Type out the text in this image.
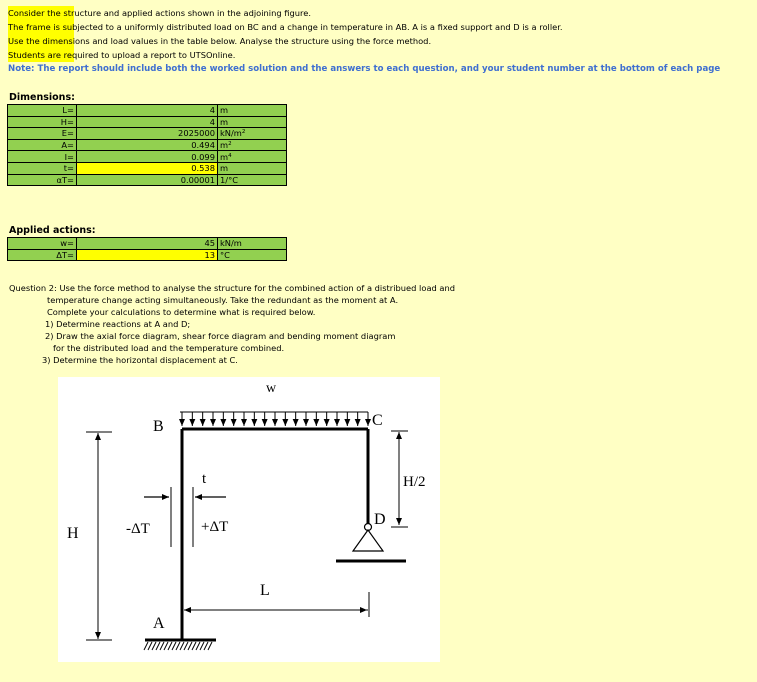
Consider the structure and applied actions shown in the adjoining figure.
The frame is subjected to a uniformly distributed load on BC and a change in temperature in AB. A is a fixed support and D is a roller.
Use the dimensions and load values in the table below. Analyse the structure using the force method.
Students are required to upload a report to UTSOnline.
Note: The report should include both the worked solution and the answers to each question, and your student number at the bottom of each page
Dimensions:
L=	4	m
H=	4	m
E=	2025000	$kN/m^2$
A=	0.494	$m^2$
I=	0.099	$m^4$
t=	0.538	m
αT=	0.00001	1/°C
Applied actions:
w=	45	kN/m
ΔT=	13	°C
Question 2: Use the force method to analyse the structure for the combined action of a distribued load and
temperature change acting simultaneously. Take the redundant as the moment at A.
Complete your calculations to determine what is required below.
1) Determine reactions at A and D;
2) Draw the axial force diagram, shear force diagram and bending moment diagram
for the distributed load and the temperature combined.
3) Determine the horizontal displacement at C.
w
B	C
D
A
H
H/2
L
t
-ΔT	+ΔT
